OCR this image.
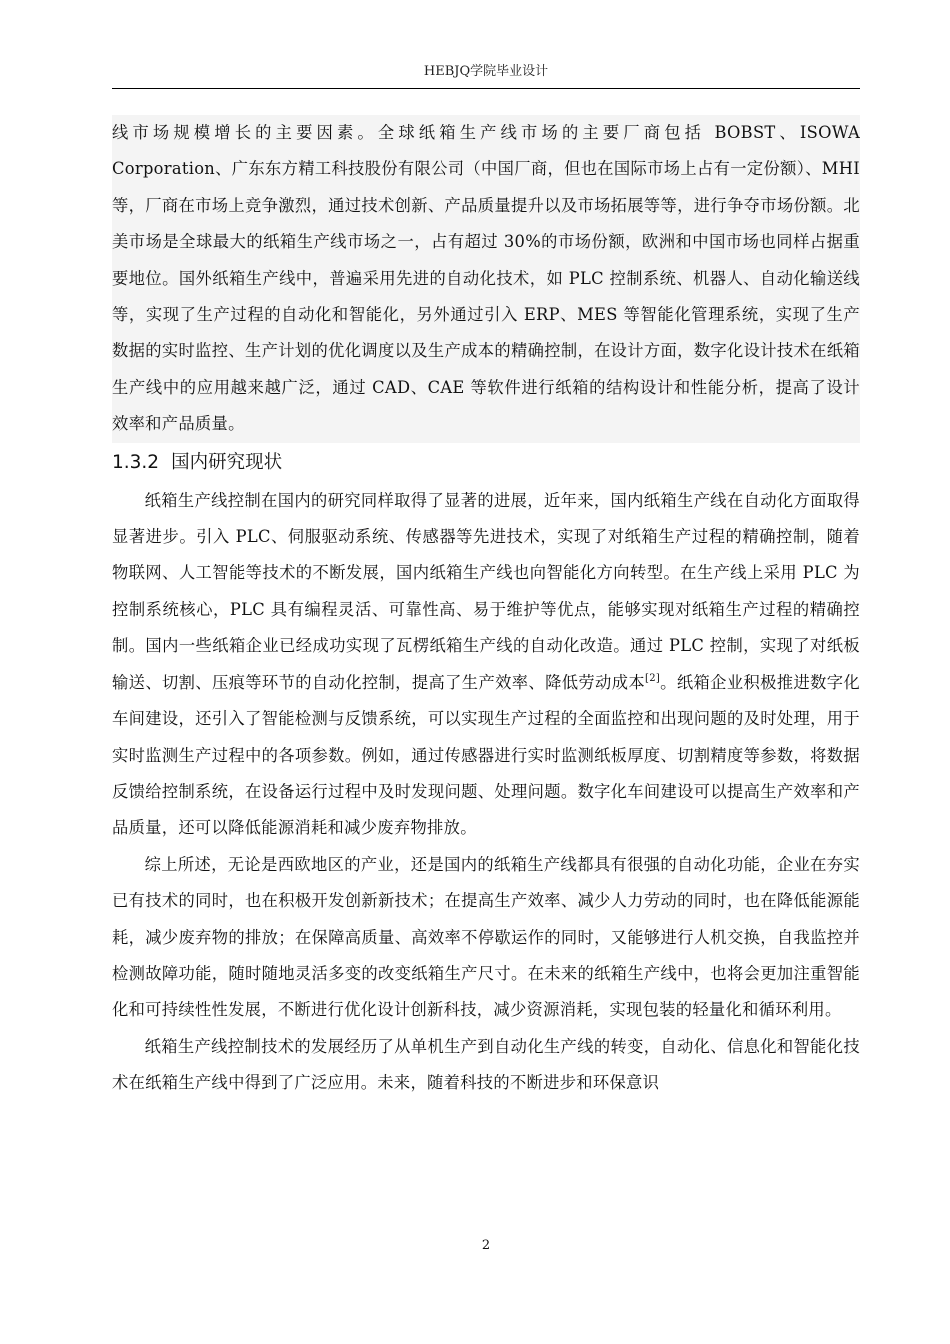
HEBJQ学院毕业设计

线市场规模增长的主要因素。全球纸箱生产线市场的主要厂商包括 BOBST、ISOWA Corporation、广东东方精工科技股份有限公司（中国厂商，但也在国际市场上占有一定份额）、MHI 等，厂商在市场上竞争激烈，通过技术创新、产品质量提升以及市场拓展等等，进行争夺市场份额。北美市场是全球最大的纸箱生产线市场之一，占有超过 30%的市场份额，欧洲和中国市场也同样占据重要地位。国外纸箱生产线中，普遍采用先进的自动化技术，如 PLC 控制系统、机器人、自动化输送线等，实现了生产过程的自动化和智能化，另外通过引入 ERP、MES 等智能化管理系统，实现了生产数据的实时监控、生产计划的优化调度以及生产成本的精确控制，在设计方面，数字化设计技术在纸箱生产线中的应用越来越广泛，通过 CAD、CAE 等软件进行纸箱的结构设计和性能分析，提高了设计效率和产品质量。

1.3.2 国内研究现状

纸箱生产线控制在国内的研究同样取得了显著的进展，近年来，国内纸箱生产线在自动化方面取得显著进步。引入 PLC、伺服驱动系统、传感器等先进技术，实现了对纸箱生产过程的精确控制，随着物联网、人工智能等技术的不断发展，国内纸箱生产线也向智能化方向转型。在生产线上采用 PLC 为控制系统核心，PLC 具有编程灵活、可靠性高、易于维护等优点，能够实现对纸箱生产过程的精确控制。国内一些纸箱企业已经成功实现了瓦楞纸箱生产线的自动化改造。通过 PLC 控制，实现了对纸板输送、切割、压痕等环节的自动化控制，提高了生产效率、降低劳动成本[2]。纸箱企业积极推进数字化车间建设，还引入了智能检测与反馈系统，可以实现生产过程的全面监控和出现问题的及时处理，用于实时监测生产过程中的各项参数。例如，通过传感器进行实时监测纸板厚度、切割精度等参数，将数据反馈给控制系统，在设备运行过程中及时发现问题、处理问题。数字化车间建设可以提高生产效率和产品质量，还可以降低能源消耗和减少废弃物排放。

综上所述，无论是西欧地区的产业，还是国内的纸箱生产线都具有很强的自动化功能，企业在夯实已有技术的同时，也在积极开发创新新技术；在提高生产效率、减少人力劳动的同时，也在降低能源能耗，减少废弃物的排放；在保障高质量、高效率不停歇运作的同时，又能够进行人机交换，自我监控并检测故障功能，随时随地灵活多变的改变纸箱生产尺寸。在未来的纸箱生产线中，也将会更加注重智能化和可持续性性发展，不断进行优化设计创新科技，减少资源消耗，实现包装的轻量化和循环利用。

纸箱生产线控制技术的发展经历了从单机生产到自动化生产线的转变，自动化、信息化和智能化技术在纸箱生产线中得到了广泛应用。未来，随着科技的不断进步和环保意识

2
